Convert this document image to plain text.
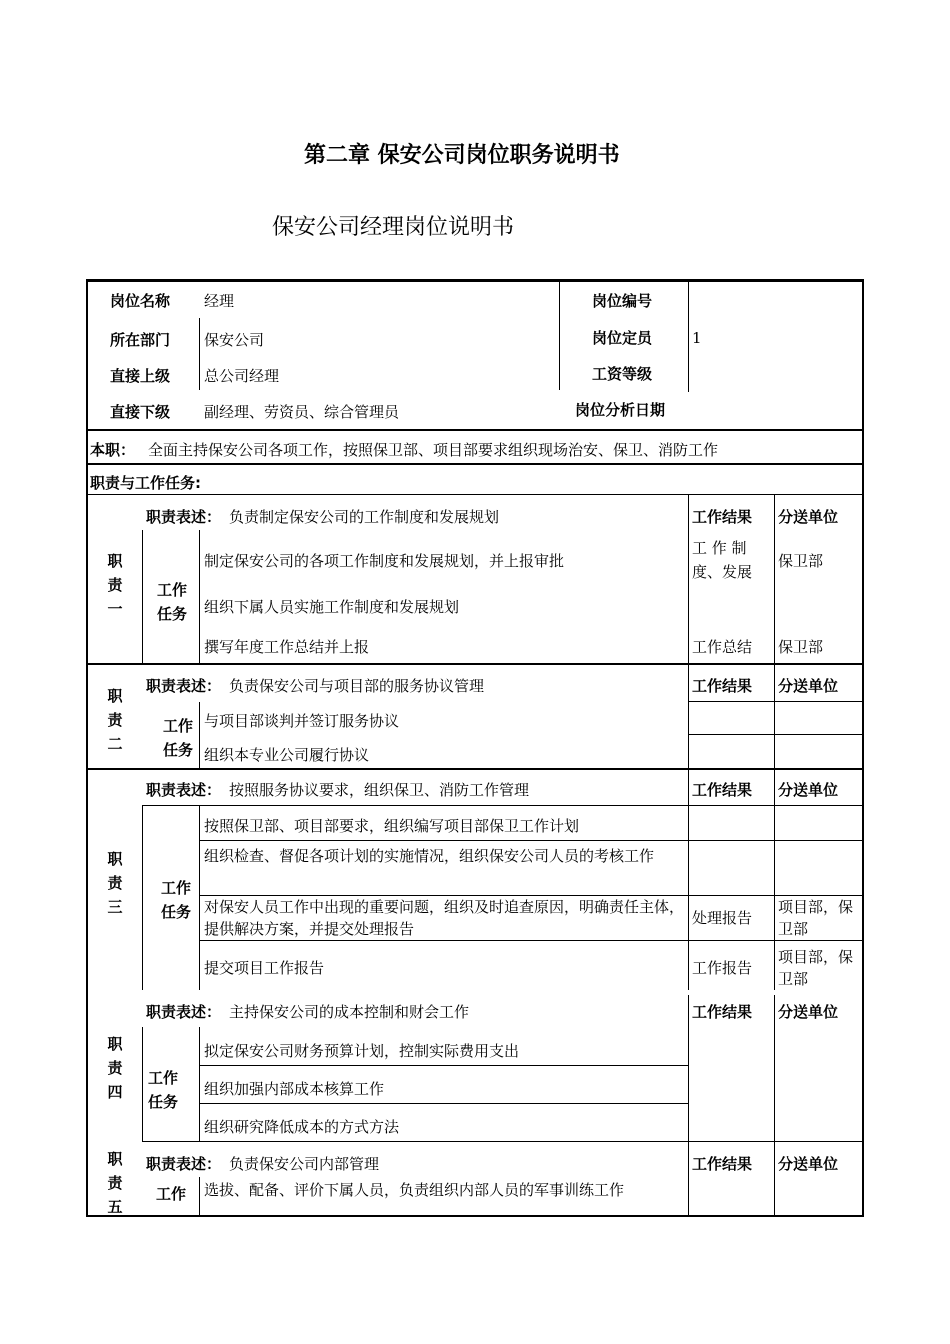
第二章 保安公司岗位职务说明书
保安公司经理岗位说明书
岗位名称 经理
所在部门 保安公司
直接上级 总公司经理
直接下级 副经理、劳资员、综合管理员
岗位编号
岗位定员	1
工资等级
岗位分析日期
本职： 全面主持保安公司各项工作，按照保卫部、项目部要求组织现场治安、保卫、消防工作
职责与工作任务:
职责一
职责表述： 负责制定保安公司的工作制度和发展规划
工作任务
制定保安公司的各项工作制度和发展规划，并上报审批
组织下属人员实施工作制度和发展规划
撰写年度工作总结并上报
工作结果 分送单位
工 作 制 度、发展
保卫部
工作总结 保卫部
职责二
职责表述： 负责保安公司与项目部的服务协议管理
工作任务
与项目部谈判并签订服务协议
组织本专业公司履行协议
工作结果 分送单位
职责三
职责表述： 按照服务协议要求，组织保卫、消防工作管理
工作任务
按照保卫部、项目部要求，组织编写项目部保卫工作计划
组织检查、督促各项计划的实施情况，组织保安公司人员的考核工作
对保安人员工作中出现的重要问题，组织及时追查原因，明确责任主体，提供解决方案，并提交处理报告
提交项目工作报告
工作结果 分送单位
处理报告
项目部，保卫部
工作报告
项目部，保卫部
职责四
职责表述： 主持保安公司的成本控制和财会工作
工作任务
拟定保安公司财务预算计划，控制实际费用支出
组织加强内部成本核算工作
组织研究降低成本的方式方法
工作结果 分送单位
职责五
职责表述： 负责保安公司内部管理
工作 选拔、配备、评价下属人员，负责组织内部人员的军事训练工作
工作结果 分送单位
